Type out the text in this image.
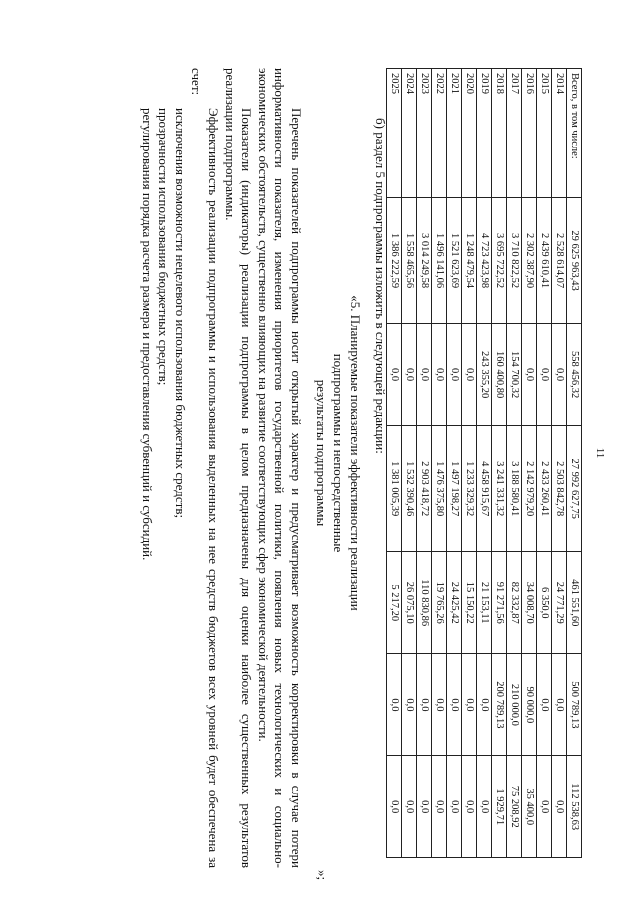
11
Всего, в том числе:	29 625 963,43	558 456,32	27 992 627,75	461 551,60	500 789,13	112 538,63
2014	2 528 614,07	0,0	2 503 842,78	24 771,29	0,0	0,0
2015	2 439 610,41	0,0	2 433 260,41	6 350,0	0,0	0,0
2016	2 302 387,90	0,0	2 142 979,20	34 008,70	90 000,0	35 400,0
2017	3 710 822,52	154 700,32	3 188 580,41	82 332,87	210 000,0	75 208,92
2018	3 695 722,52	160 400,80	3 241 331,32	91 271,56	200 789,13	1 929,71
2019	4 723 423,98	243 355,20	4 458 915,67	21 153,11	0,0	0,0
2020	1 248 479,54	0,0	1 233 329,32	15 150,22	0,0	0,0
2021	1 521 623,69	0,0	1 497 198,27	24 425,42	0,0	0,0
2022	1 496 141,06	0,0	1 476 375,80	19 765,26	0,0	0,0
2023	3 014 249,58	0,0	2 903 418,72	110 830,86	0,0	0,0
2024	1 558 465,56	0,0	1 532 390,46	26 075,10	0,0	0,0
2025	1 386 222,59	0,0	1 381 005,39	5 217,20	0,0	0,0
»;
б) раздел 5 подпрограммы изложить в следующей редакции:
«5. Планируемые показатели эффективности реализации
подпрограммы и непосредственные
результаты подпрограммы

Перечень показателей подпрограммы носит открытый характер и предусматривает возможность корректировки в случае потери информативности показателя, изменения приоритетов государственной политики, появления новых технологических и социально-экономических обстоятельств, существенно влияющих на развитие соответствующих сфер экономической деятельности.

Показатели (индикаторы) реализации подпрограммы в целом предназначены для оценки наиболее существенных результатов реализации подпрограммы.

Эффективность реализации подпрограммы и использования выделенных на нее средств бюджетов всех уровней будет обеспечена за счет:

исключения возможности нецелевого использования бюджетных средств;

прозрачности использования бюджетных средств;

регулирования порядка расчета размера и предоставления субвенций и субсидий.
